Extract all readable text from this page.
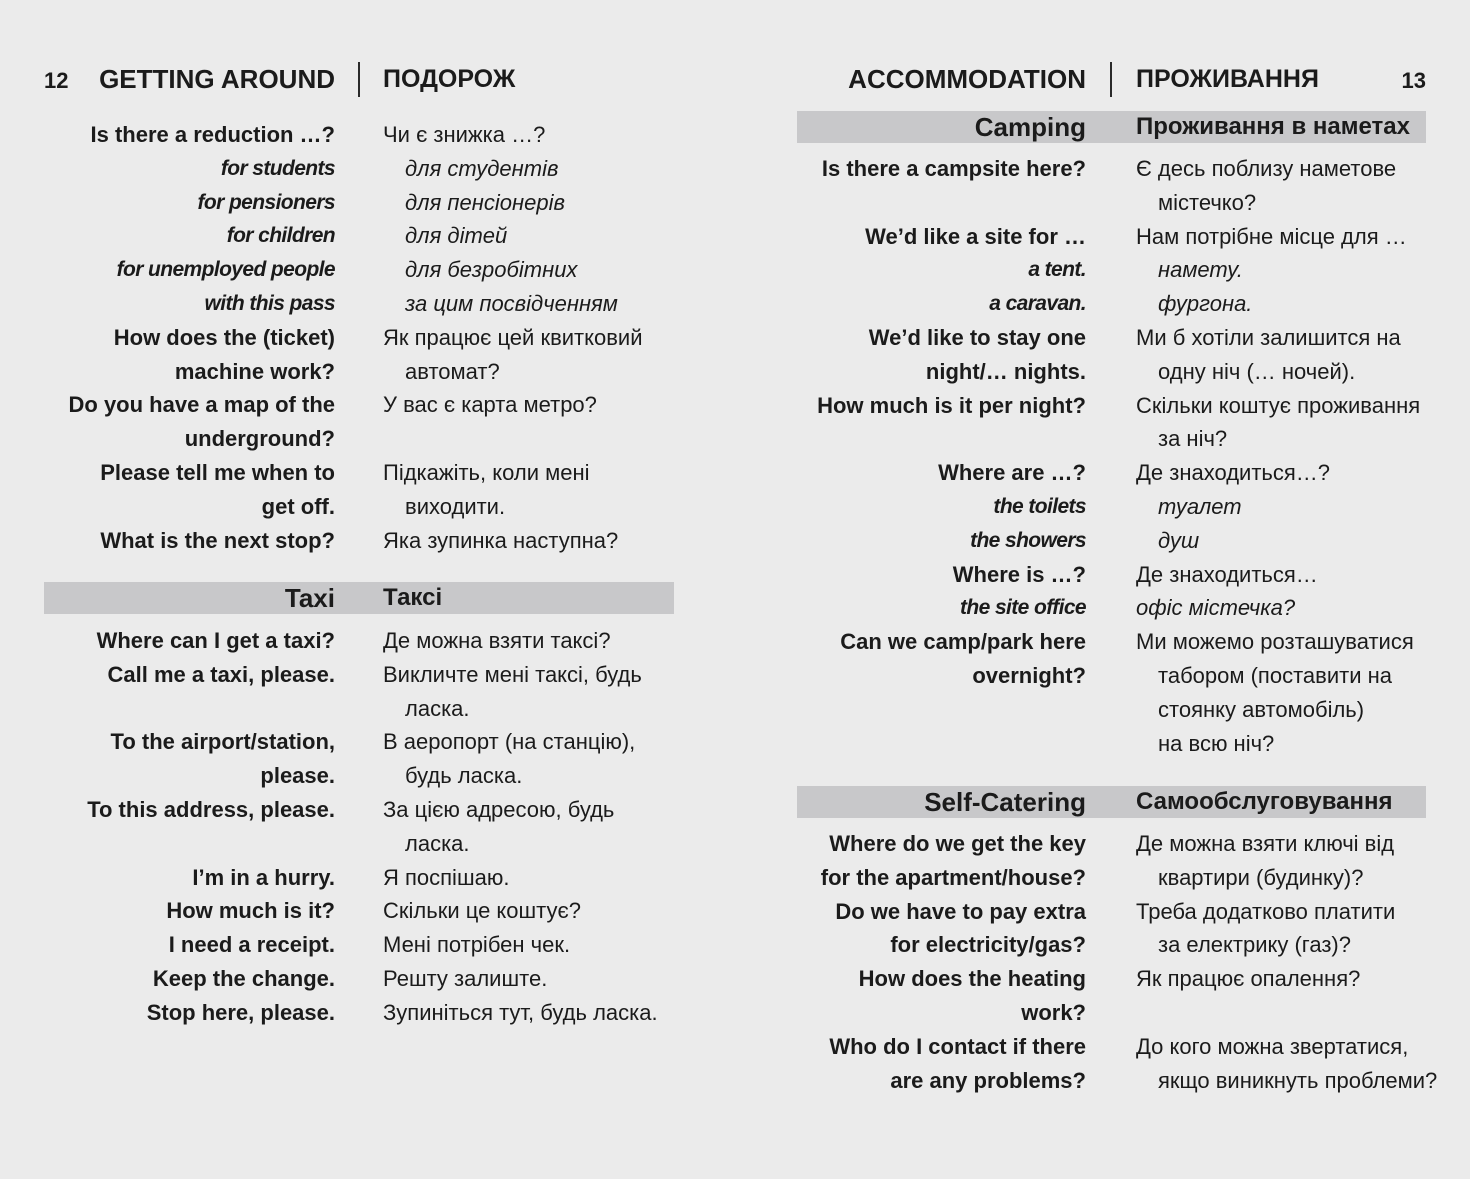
12	GETTING AROUND ПОДОРОЖ
Is there a reduction …? Чи є знижка …?
for students	для студентів
for pensioners	для пенсіонерів
for children	для дітей
for unemployed people	для безробітних
with this pass	за цим посвідченням
How does the (ticket) Як працює цей квитковий
machine work?	автомат?
Do you have a map of the У вас є карта метро?
underground?
Please tell me when to Підкажіть, коли мені
get off.	виходити.
What is the next stop? Яка зупинка наступна?
Taxi Таксі
Where can I get a taxi? Де можна взяти таксі?
Call me a taxi, please. Викличте мені таксі, будь
ласка.
To the airport/station, В аеропорт (на станцію),
please.	будь ласка.
To this address, please. За цією адресою, будь
ласка.
I’m in a hurry. Я поспішаю.
How much is it? Скільки це коштує?
I need a receipt. Мені потрібен чек.
Keep the change. Решту залиште.
Stop here, please. Зупиніться тут, будь ласка.
ACCOMMODATION ПРОЖИВАННЯ	13
Camping Проживання в наметах
Is there a campsite here? Є десь поблизу наметове
містечко?
We’d like a site for … Нам потрібне місце для …
a tent.	намету.
a caravan.	фургона.
We’d like to stay one Ми б хотіли залишится на
night/… nights.	одну ніч (… ночей).
How much is it per night? Скільки коштує проживання
за ніч?
Where are …? Де знаходиться…?
the toilets	туалет
the showers	душ
Where is …? Де знаходиться…
the site office офіс містечка?
Can we camp/park here Ми можемо розташуватися
overnight?	табором (поставити на
стоянку автомобіль)
на всю ніч?
Self-Catering Самообслуговування
Where do we get the key Де можна взяти ключі від
for the apartment/house?	квартири (будинку)?
Do we have to pay extra Треба додатково платити
for electricity/gas?	за електрику (газ)?
How does the heating Як працює опалення?
work?
Who do I contact if there До кого можна звертатися,
are any problems?	якщо виникнуть проблеми?
